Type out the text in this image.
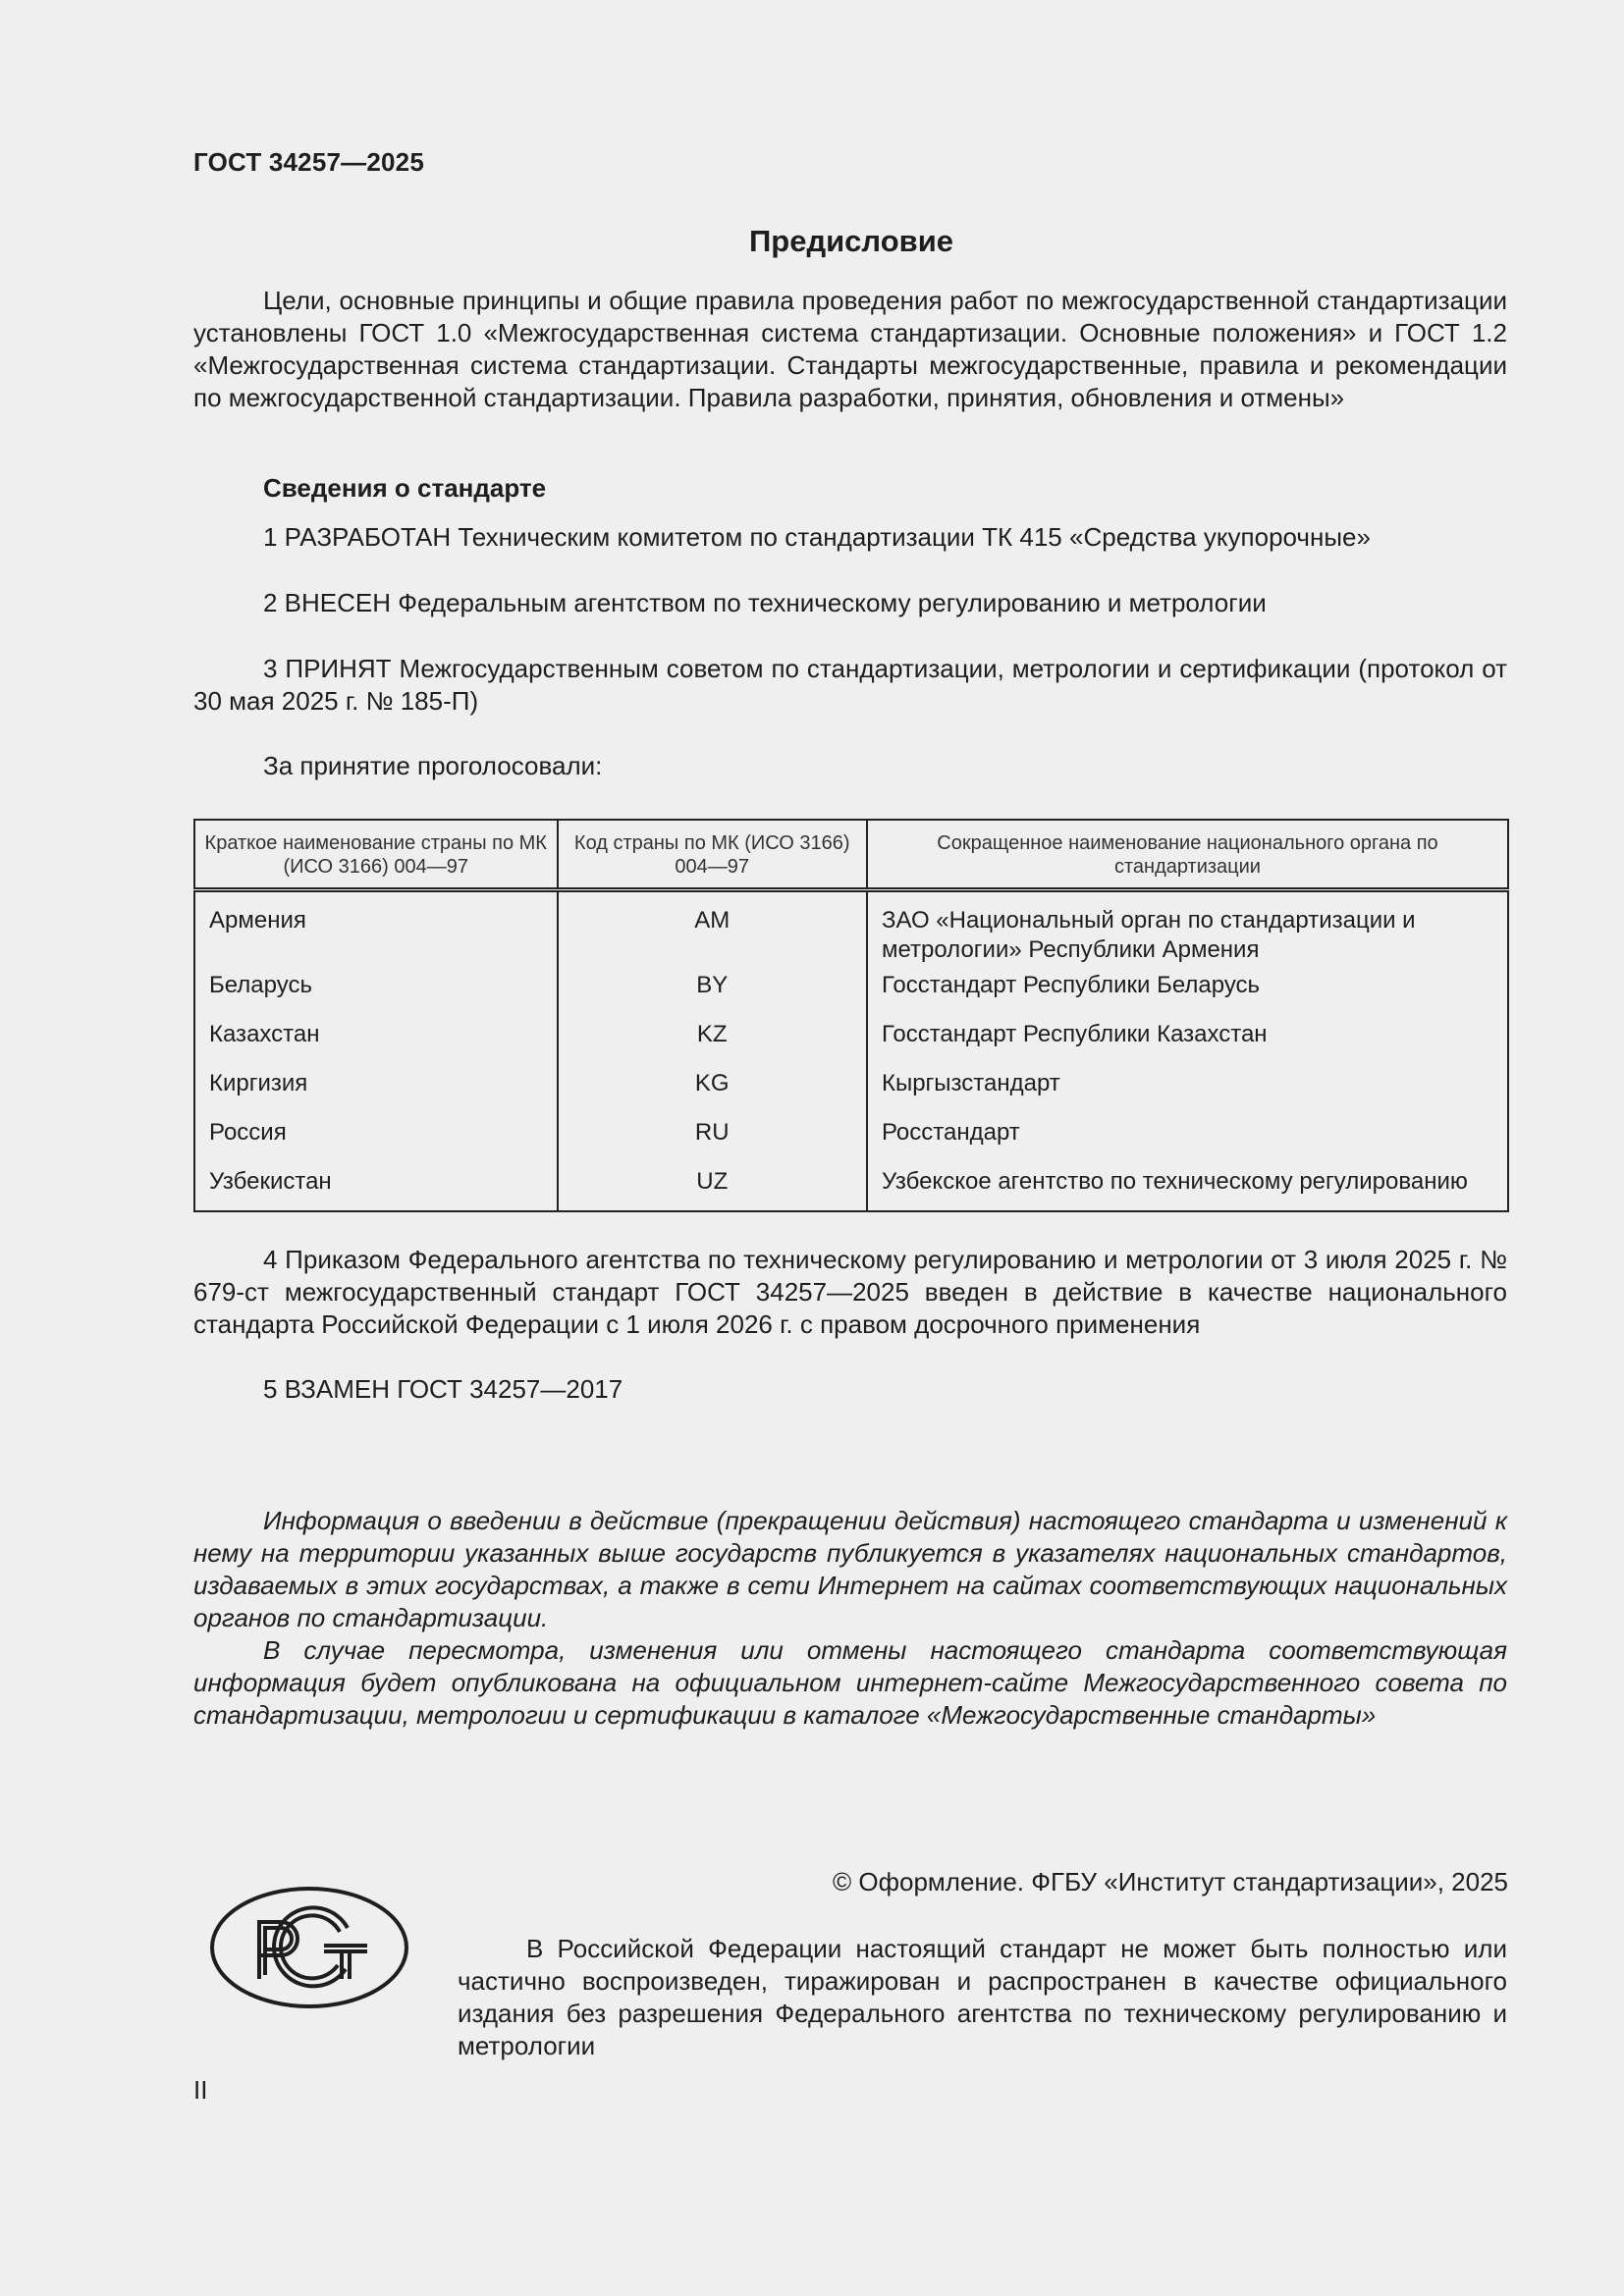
ГОСТ 34257—2025
Предисловие
Цели, основные принципы и общие правила проведения работ по межгосударственной стандартизации установлены ГОСТ 1.0 «Межгосударственная система стандартизации. Основные положения» и ГОСТ 1.2 «Межгосударственная система стандартизации. Стандарты межгосударственные, правила и рекомендации по межгосударственной стандартизации. Правила разработки, принятия, обновления и отмены»
Сведения о стандарте
1 РАЗРАБОТАН Техническим комитетом по стандартизации ТК 415 «Средства укупорочные»
2 ВНЕСЕН Федеральным агентством по техническому регулированию и метрологии
3 ПРИНЯТ Межгосударственным советом по стандартизации, метрологии и сертификации (протокол от 30 мая 2025 г. № 185-П)
За принятие проголосовали:
Краткое наименование страны по МК (ИСО 3166) 004—97	Код страны по МК (ИСО 3166) 004—97	Сокращенное наименование национального органа по стандартизации
Армения	AM	ЗАО «Национальный орган по стандартизации и метрологии» Республики Армения
Беларусь	BY	Госстандарт Республики Беларусь
Казахстан	KZ	Госстандарт Республики Казахстан
Киргизия	KG	Кыргызстандарт
Россия	RU	Росстандарт
Узбекистан	UZ	Узбекское агентство по техническому регулированию
4 Приказом Федерального агентства по техническому регулированию и метрологии от 3 июля 2025 г. № 679-ст межгосударственный стандарт ГОСТ 34257—2025 введен в действие в качестве национального стандарта Российской Федерации с 1 июля 2026 г. с правом досрочного применения
5 ВЗАМЕН ГОСТ 34257—2017
Информация о введении в действие (прекращении действия) настоящего стандарта и изменений к нему на территории указанных выше государств публикуется в указателях национальных стандартов, издаваемых в этих государствах, а также в сети Интернет на сайтах соответствующих национальных органов по стандартизации.
В случае пересмотра, изменения или отмены настоящего стандарта соответствующая информация будет опубликована на официальном интернет-сайте Межгосударственного совета по стандартизации, метрологии и сертификации в каталоге «Межгосударственные стандарты»
© Оформление. ФГБУ «Институт стандартизации», 2025
В Российской Федерации настоящий стандарт не может быть полностью или частично воспроизведен, тиражирован и распространен в качестве официального издания без разрешения Федерального агентства по техническому регулированию и метрологии
II
